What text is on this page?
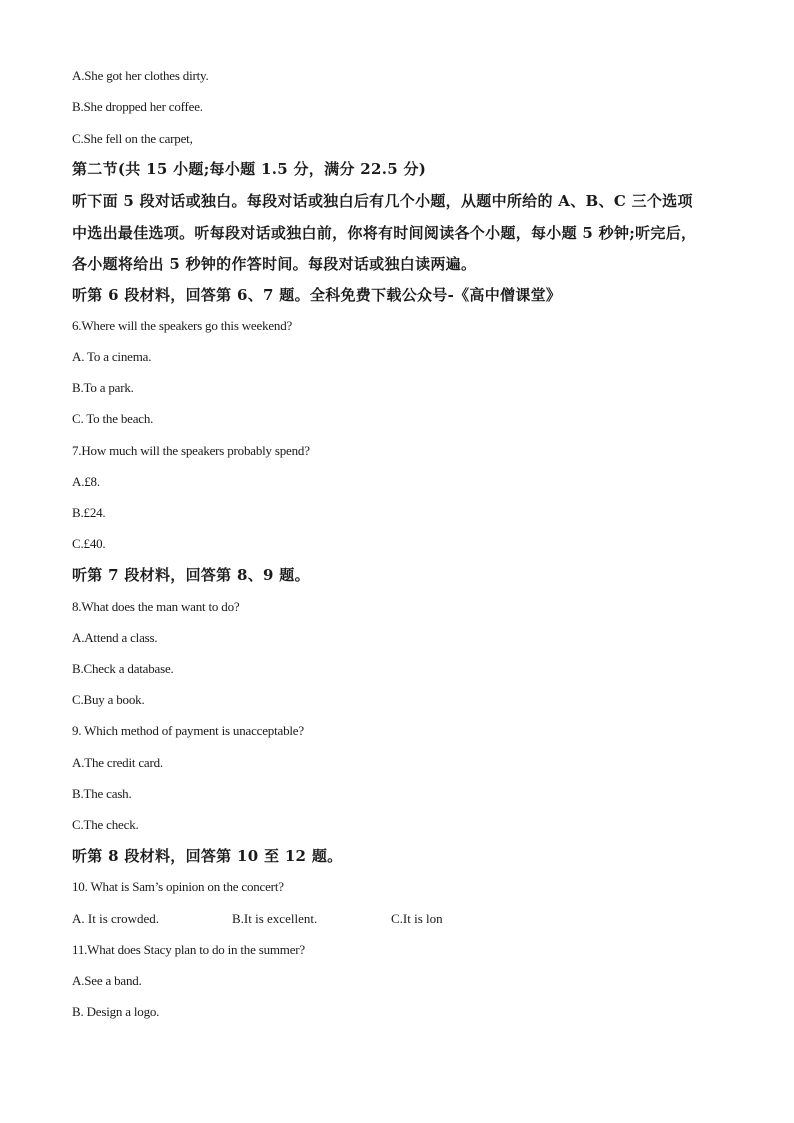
A.She got her clothes dirty.
B.She dropped her coffee.
C.She fell on the carpet,
第二节(共 15 小题;每小题 1.5 分，满分 22.5 分)
听下面 5 段对话或独白。每段对话或独白后有几个小题，从题中所给的 A、B、C 三个选项
中选出最佳选项。听每段对话或独白前，你将有时间阅读各个小题，每小题 5 秒钟;听完后，
各小题将给出 5 秒钟的作答时间。每段对话或独白读两遍。
听第 6 段材料，回答第 6、7 题。全科免费下载公众号-《高中僧课堂》
6.Where will the speakers go this weekend?
A. To a cinema.
B.To a park.
C. To the beach.
7.How much will the speakers probably spend?
A.£8.
B.£24.
C.£40.
听第 7 段材料，回答第 8、9 题。
8.What does the man want to do?
A.Attend a class.
B.Check a database.
C.Buy a book.
9. Which method of payment is unacceptable?
A.The credit card.
B.The cash.
C.The check.
听第 8 段材料，回答第 10 至 12 题。
10. What is Sam’s opinion on the concert?
A. It is crowded.	B.It is excellent.	C.It is lon
11.What does Stacy plan to do in the summer?
A.See a band.
B. Design a logo.
